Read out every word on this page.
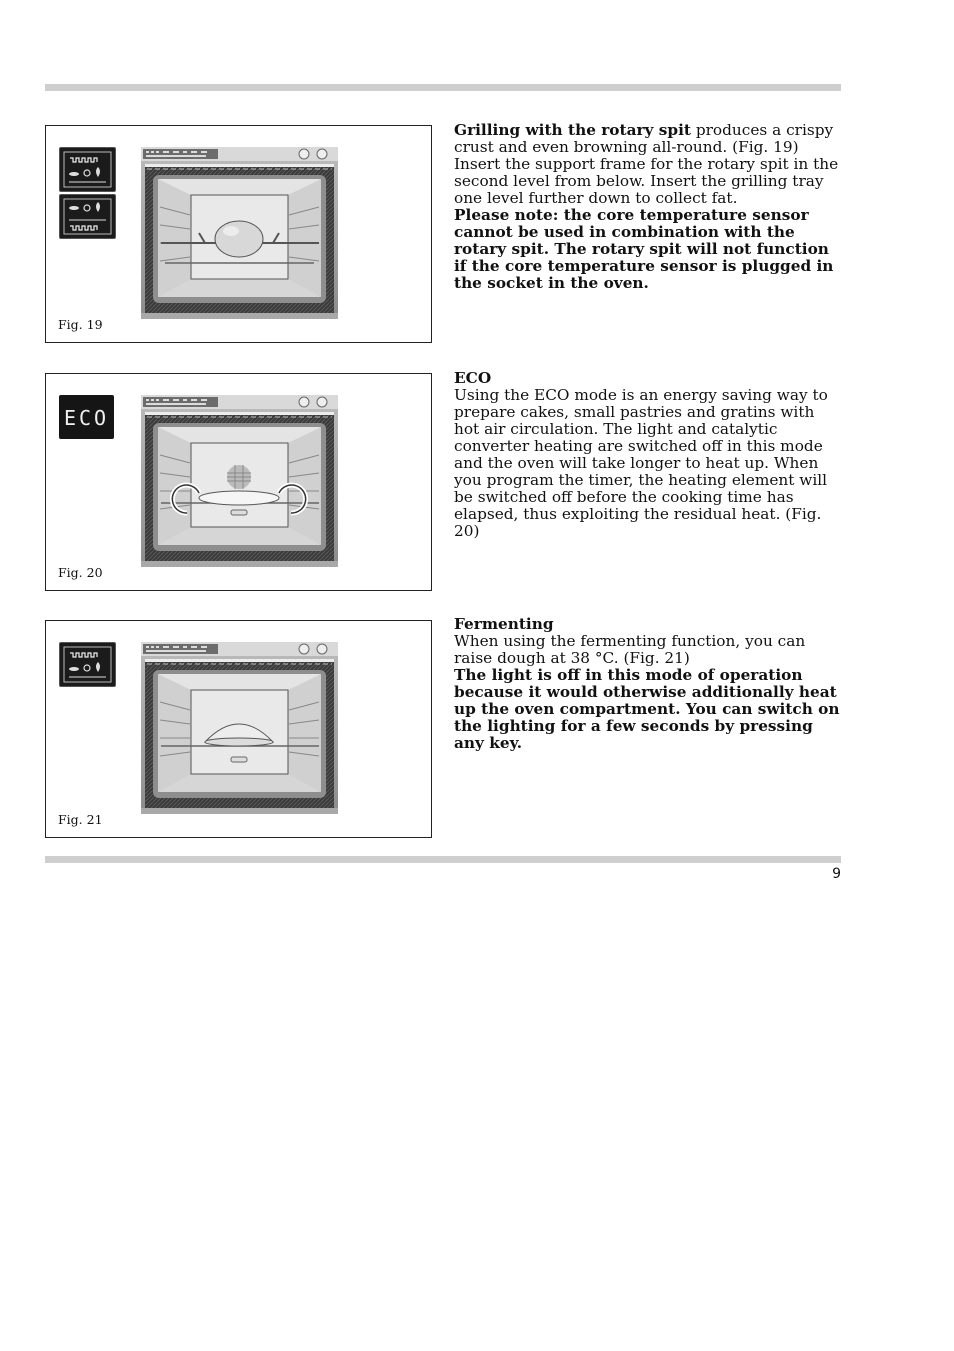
Fig. 19

Grilling with the rotary spit produces a crispy crust and even browning all-round. (Fig. 19) Insert the support frame for the rotary spit in the second level from below. Insert the grilling tray one level further down to collect fat.

Please note: the core temperature sensor cannot be used in combination with the rotary spit. The rotary spit will not function if the core temperature sensor is plugged in the socket in the oven.

ECO
Fig. 20

ECO

Using the ECO mode is an energy saving way to prepare cakes, small pastries and gratins with hot air circulation. The light and catalytic converter heating are switched off in this mode and the oven will take longer to heat up. When you program the timer, the heating element will be switched off before the cooking time has elapsed, thus exploiting the residual heat. (Fig. 20)

Fig. 21

Fermenting

When using the fermenting function, you can raise dough at 38 °C. (Fig. 21)

The light is off in this mode of operation because it would otherwise additionally heat up the oven compartment. You can switch on the lighting for a few seconds by pressing any key.

9
